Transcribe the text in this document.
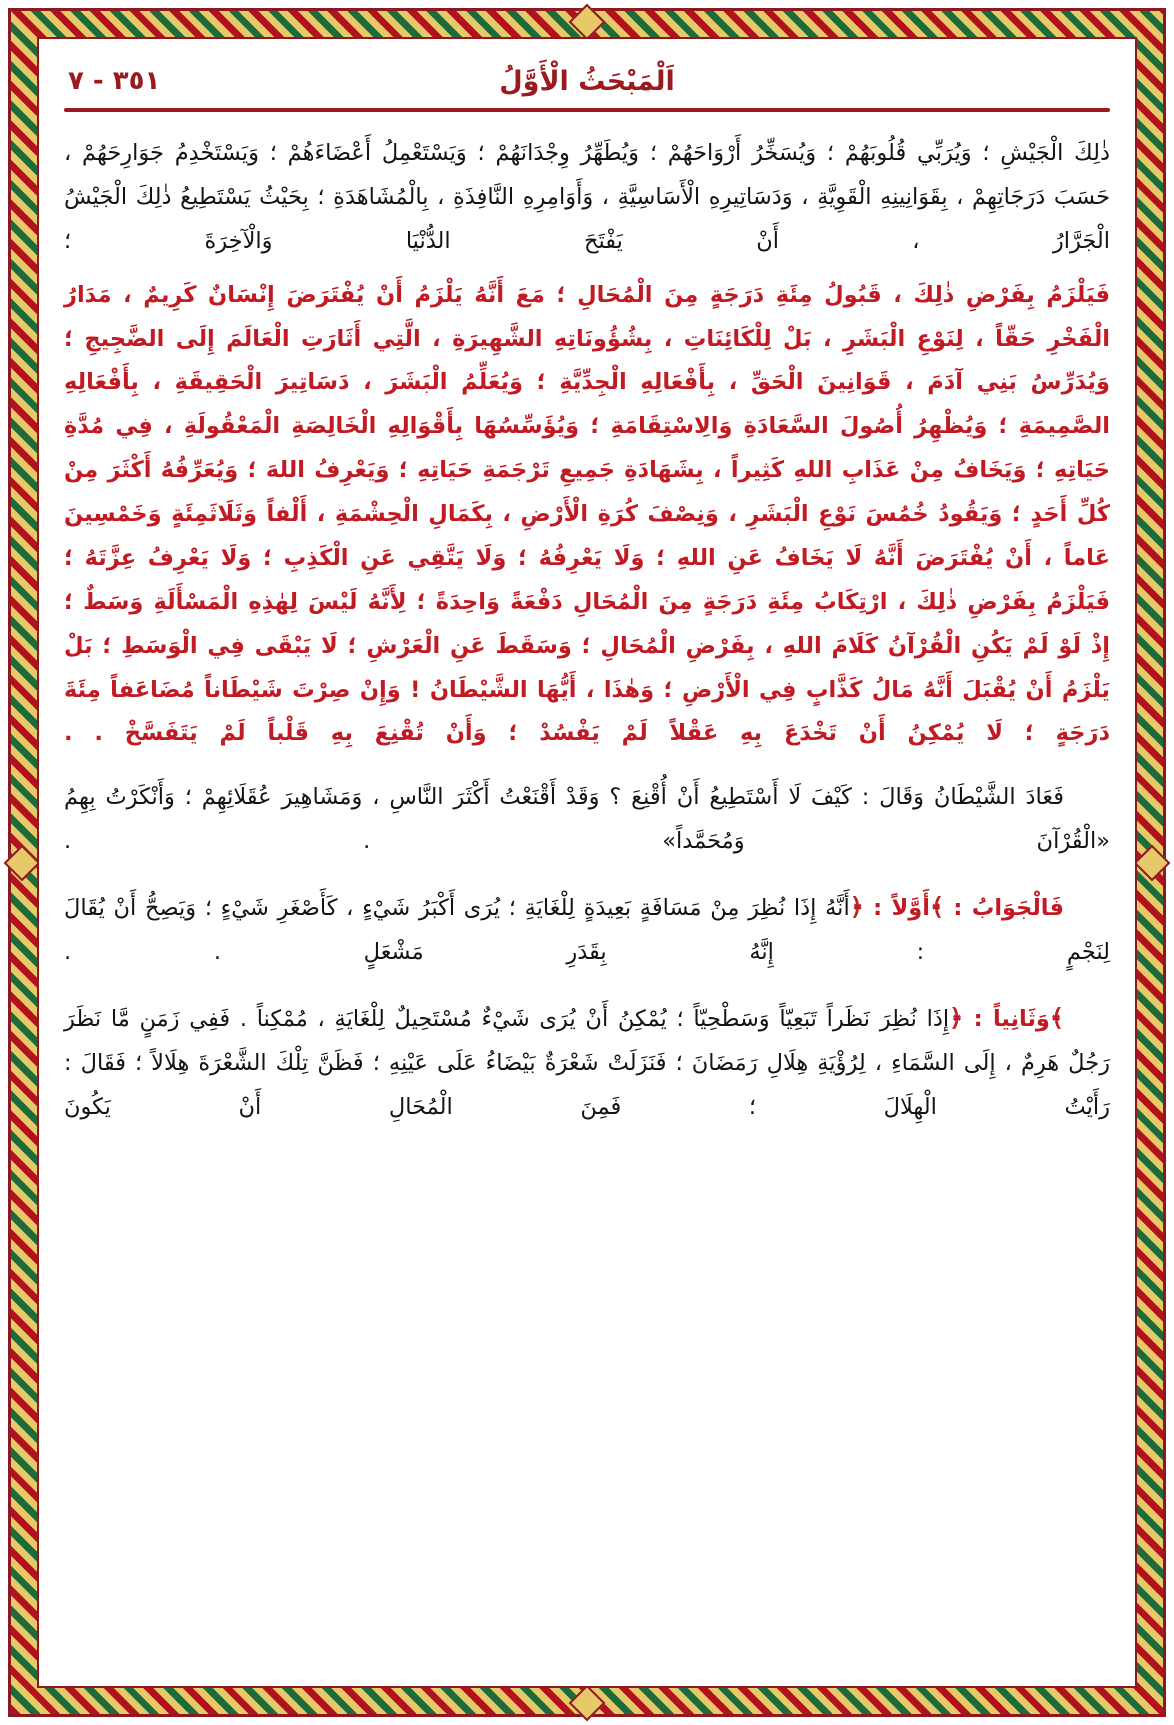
٣٥١ - ٧	اَلْمَبْحَثُ الْأَوَّلُ
ذٰلِكَ الْجَيْشِ ؛ وَيُرَبِّي قُلُوبَهُمْ ؛ وَيُسَخِّرُ أَرْوَاحَهُمْ ؛ وَيُطَهِّرُ وِجْدَانَهُمْ ؛ وَيَسْتَعْمِلُ أَعْضَاءَهُمْ ؛ وَيَسْتَخْدِمُ جَوَارِحَهُمْ ، حَسَبَ دَرَجَاتِهِمْ ، بِقَوَانِينِهِ الْقَوِيَّةِ ، وَدَسَاتِيرِهِ الْأَسَاسِيَّةِ ، وَأَوَامِرِهِ النَّافِذَةِ ، بِالْمُشَاهَدَةِ ؛ بِحَيْثُ يَسْتَطِيعُ ذٰلِكَ الْجَيْشُ الْجَرَّارُ ، أَنْ يَفْتَحَ الدُّنْيَا وَالْآخِرَةَ ؛
فَيَلْزَمُ بِفَرْضِ ذٰلِكَ ، قَبُولُ مِئَةِ دَرَجَةٍ مِنَ الْمُحَالِ ؛ مَعَ أَنَّهُ يَلْزَمُ أَنْ يُفْتَرَضَ إِنْسَانٌ كَرِيمٌ ، مَدَارُ الْفَخْرِ حَقّاً ، لِنَوْعِ الْبَشَرِ ، بَلْ لِلْكَائِنَاتِ ، بِشُؤُونَاتِهِ الشَّهِيرَةِ ، الَّتِي أَثَارَتِ الْعَالَمَ إِلَى الضَّجِيجِ ؛ وَيُدَرِّسُ بَنِي آدَمَ ، قَوَانِينَ الْحَقِّ ، بِأَفْعَالِهِ الْجِدِّيَّةِ ؛ وَيُعَلِّمُ الْبَشَرَ ، دَسَاتِيرَ الْحَقِيقَةِ ، بِأَفْعَالِهِ الصَّمِيمَةِ ؛ وَيُظْهِرُ أُصُولَ السَّعَادَةِ وَالِاسْتِقَامَةِ ؛ وَيُؤَسِّسُهَا بِأَقْوَالِهِ الْخَالِصَةِ الْمَعْقُولَةِ ، فِي مُدَّةِ حَيَاتِهِ ؛ وَيَخَافُ مِنْ عَذَابِ اللهِ كَثِيراً ، بِشَهَادَةِ جَمِيعِ تَرْجَمَةِ حَيَاتِهِ ؛ وَيَعْرِفُ اللهَ ؛ وَيُعَرِّفُهُ أَكْثَرَ مِنْ كُلِّ أَحَدٍ ؛ وَيَقُودُ خُمُسَ نَوْعِ الْبَشَرِ ، وَنِصْفَ كُرَةِ الْأَرْضِ ، بِكَمَالِ الْحِشْمَةِ ، أَلْفاً وَثَلَاثَمِئَةٍ وَخَمْسِينَ عَاماً ، أَنْ يُفْتَرَضَ أَنَّهُ لَا يَخَافُ عَنِ اللهِ ؛ وَلَا يَعْرِفُهُ ؛ وَلَا يَتَّقِي عَنِ الْكَذِبِ ؛ وَلَا يَعْرِفُ عِزَّتَهُ ؛ فَيَلْزَمُ بِفَرْضِ ذٰلِكَ ، ارْتِكَابُ مِئَةِ دَرَجَةٍ مِنَ الْمُحَالِ دَفْعَةً وَاحِدَةً ؛ لِأَنَّهُ لَيْسَ لِهٰذِهِ الْمَسْأَلَةِ وَسَطٌ ؛ إِذْ لَوْ لَمْ يَكُنِ الْقُرْآنُ كَلَامَ اللهِ ، بِفَرْضِ الْمُحَالِ ؛ وَسَقَطَ عَنِ الْعَرْشِ ؛ لَا يَبْقَى فِي الْوَسَطِ ؛ بَلْ يَلْزَمُ أَنْ يُقْبَلَ أَنَّهُ مَالُ كَذَّابٍ فِي الْأَرْضِ ؛ وَهٰذَا ، أَيُّهَا الشَّيْطَانُ ! وَإِنْ صِرْتَ شَيْطَاناً مُضَاعَفاً مِئَةَ دَرَجَةٍ ؛ لَا يُمْكِنُ أَنْ تَخْدَعَ بِهِ عَقْلاً لَمْ يَفْسُدْ ؛ وَأَنْ تُقْنِعَ بِهِ قَلْباً لَمْ يَتَفَسَّخْ . .
فَعَادَ الشَّيْطَانُ وَقَالَ : كَيْفَ لَا أَسْتَطِيعُ أَنْ أُقْنِعَ ؟ وَقَدْ أَقْنَعْتُ أَكْثَرَ النَّاسِ ، وَمَشَاهِيرَ عُقَلَائِهِمْ ؛ وَأَنْكَرْتُ بِهِمُ «الْقُرْآنَ وَمُحَمَّداً» . .
فَالْجَوَابُ : ﴾أَوَّلاً : ﴿أَنَّهُ إِذَا نُظِرَ مِنْ مَسَافَةٍ بَعِيدَةٍ لِلْغَايَةِ ؛ يُرَى أَكْبَرُ شَيْءٍ ، كَأَصْغَرِ شَيْءٍ ؛ وَيَصِحُّ أَنْ يُقَالَ لِنَجْمٍ : إِنَّهُ بِقَدَرِ مَشْعَلٍ . .
﴾وَثَانِياً : ﴿إِذَا نُظِرَ نَظَراً تَبَعِيّاً وَسَطْحِيّاً ؛ يُمْكِنُ أَنْ يُرَى شَيْءٌ مُسْتَحِيلٌ لِلْغَايَةِ ، مُمْكِناً . فَفِي زَمَنٍ مَّا نَظَرَ رَجُلٌ هَرِمٌ ، إِلَى السَّمَاءِ ، لِرُؤْيَةِ هِلَالِ رَمَضَانَ ؛ فَنَزَلَتْ شَعْرَةٌ بَيْضَاءُ عَلَى عَيْنِهِ ؛ فَظَنَّ تِلْكَ الشَّعْرَةَ هِلَالاً ؛ فَقَالَ : رَأَيْتُ الْهِلَالَ ؛ فَمِنَ الْمُحَالِ أَنْ يَكُونَ
